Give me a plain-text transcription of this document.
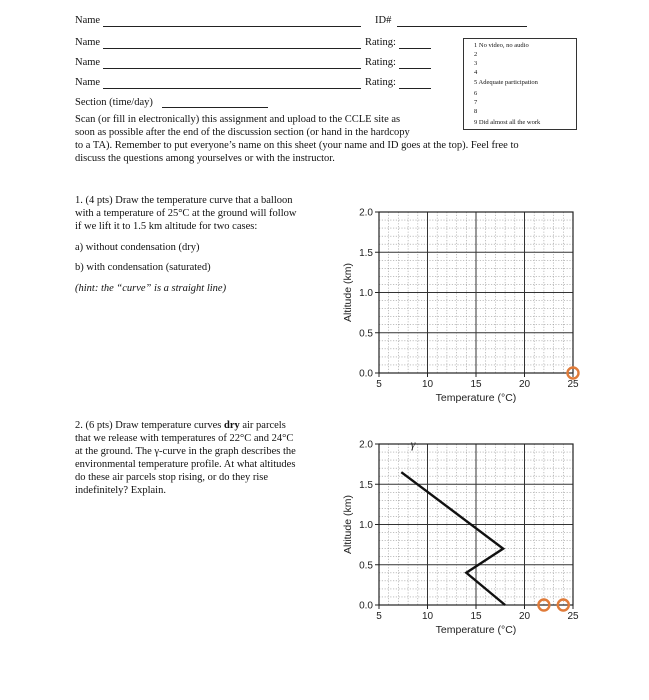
Name	ID#
Name	Rating:
Name	Rating:
Name	Rating:
Section (time/day)
1 No video, no audio
2
3
4
5 Adequate participation
6
7
8
9 Did almost all the work
Scan (or fill in electronically) this assignment and upload to the CCLE site as
soon as possible after the end of the discussion section (or hand in the hardcopy
to a TA). Remember to put everyone’s name on this sheet (your name and ID goes at the top). Feel free to
discuss the questions among yourselves or with the instructor.
1. (4 pts) Draw the temperature curve that a balloon
with a temperature of 25°C at the ground will follow
if we lift it to 1.5 km altitude for two cases:
a) without condensation (dry)
b) with condensation (saturated)
(hint: the “curve” is a straight line)
5	10	15	20	25
0.0
0.5
1.0
1.5
2.0
Temperature (°C)
Altitude (km)
2. (6 pts) Draw temperature curves dry air parcels
that we release with temperatures of 22°C and 24°C
at the ground. The γ-curve in the graph describes the
environmental temperature profile. At what altitudes
do these air parcels stop rising, or do they rise
indefinitely? Explain.
5	10	15	20	25
0.0
0.5
1.0
1.5
2.0
Temperature (°C)
Altitude (km)
γ
